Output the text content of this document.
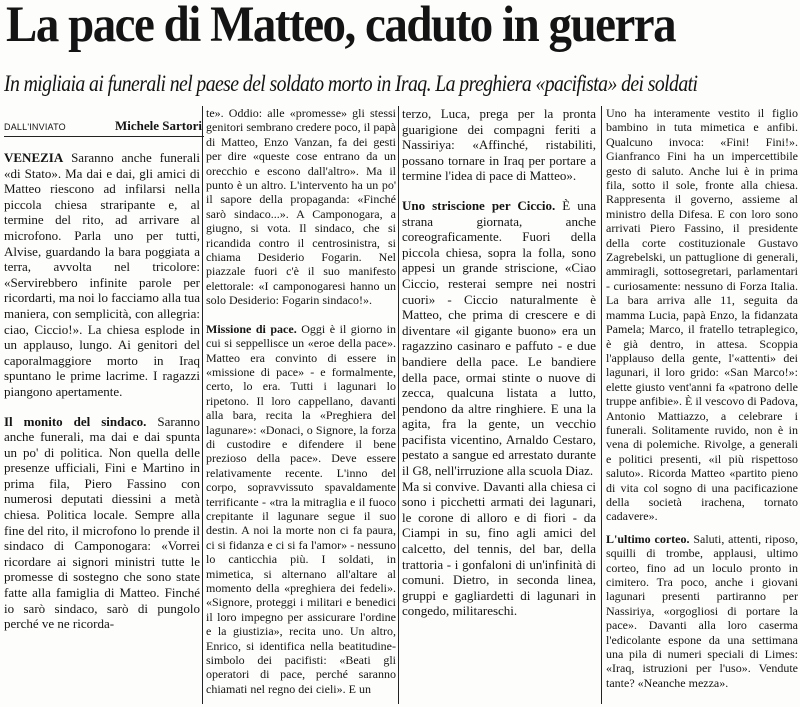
La pace di Matteo, caduto in guerra
In migliaia ai funerali nel paese del soldato morto in Iraq. La preghiera «pacifista» dei soldati
DALL'INVIATO	Michele Sartori

VENEZIA Saranno anche funerali «di Stato». Ma dai e dai, gli amici di Matteo riescono ad infilarsi nella piccola chiesa straripante e, al termine del rito, ad arrivare al microfono. Parla uno per tutti, Alvise, guardando la bara poggiata a terra, avvolta nel tricolore: «Servirebbero infinite parole per ricordarti, ma noi lo facciamo alla tua maniera, con semplicità, con allegria: ciao, Ciccio!». La chiesa esplode in un applauso, lungo. Ai genitori del caporalmaggiore morto in Iraq spuntano le prime lacrime. I ragazzi piangono apertamente.

Il monito del sindaco. Saranno anche funerali, ma dai e dai spunta un po' di politica. Non quella delle presenze ufficiali, Fini e Martino in prima fila, Piero Fassino con numerosi deputati diessini a metà chiesa. Politica locale. Sempre alla fine del rito, il microfono lo prende il sindaco di Camponogara: «Vorrei ricordare ai signori ministri tutte le promesse di sostegno che sono state fatte alla famiglia di Matteo. Finché io sarò sindaco, sarò di pungolo perché ve ne ricorda-

te». Oddio: alle «promesse» gli stessi genitori sembrano credere poco, il papà di Matteo, Enzo Vanzan, fa dei gesti per dire «queste cose entrano da un orecchio e escono dall'altro». Ma il punto è un altro. L'intervento ha un po' il sapore della propaganda: «Finché sarò sindaco...». A Camponogara, a giugno, si vota. Il sindaco, che si ricandida contro il centrosinistra, si chiama Desiderio Fogarin. Nel piazzale fuori c'è il suo manifesto elettorale: «I camponogaresi hanno un solo Desiderio: Fogarin sindaco!».

Missione di pace. Oggi è il giorno in cui si seppellisce un «eroe della pace». Matteo era convinto di essere in «missione di pace» - e formalmente, certo, lo era. Tutti i lagunari lo ripetono. Il loro cappellano, davanti alla bara, recita la «Preghiera del lagunare»: «Donaci, o Signore, la forza di custodire e difendere il bene prezioso della pace». Deve essere relativamente recente. L'inno del corpo, sopravvissuto spavaldamente terrificante - «tra la mitraglia e il fuoco crepitante il lagunare segue il suo destin. A noi la morte non ci fa paura, ci si fidanza e ci si fa l'amor» - nessuno lo canticchia più. I soldati, in mimetica, si alternano all'altare al momento della «preghiera dei fedeli». «Signore, proteggi i militari e benedici il loro impegno per assicurare l'ordine e la giustizia», recita uno. Un altro, Enrico, si identifica nella beatitudine-simbolo dei pacifisti: «Beati gli operatori di pace, perché saranno chiamati nel regno dei cieli». E un

terzo, Luca, prega per la pronta guarigione dei compagni feriti a Nassiriya: «Affinché, ristabiliti, possano tornare in Iraq per portare a termine l'idea di pace di Matteo».

Uno striscione per Ciccio. È una strana giornata, anche coreograficamente. Fuori della piccola chiesa, sopra la folla, sono appesi un grande striscione, «Ciao Ciccio, resterai sempre nei nostri cuori» - Ciccio naturalmente è Matteo, che prima di crescere e di diventare «il gigante buono» era un ragazzino casinaro e paffuto - e due bandiere della pace. Le bandiere della pace, ormai stinte o nuove di zecca, qualcuna listata a lutto, pendono da altre ringhiere. E una la agita, fra la gente, un vecchio pacifista vicentino, Arnaldo Cestaro, pestato a sangue ed arrestato durante il G8, nell'irruzione alla scuola Diaz.

Ma si convive. Davanti alla chiesa ci sono i picchetti armati dei lagunari, le corone di alloro e di fiori - da Ciampi in su, fino agli amici del calcetto, del tennis, del bar, della trattoria - i gonfaloni di un'infinità di comuni. Dietro, in seconda linea, gruppi e gagliardetti di lagunari in congedo, militareschi.

Uno ha interamente vestito il figlio bambino in tuta mimetica e anfibi. Qualcuno invoca: «Fini! Fini!». Gianfranco Fini ha un impercettibile gesto di saluto. Anche lui è in prima fila, sotto il sole, fronte alla chiesa. Rappresenta il governo, assieme al ministro della Difesa. E con loro sono arrivati Piero Fassino, il presidente della corte costituzionale Gustavo Zagrebelski, un pattuglione di generali, ammiragli, sottosegretari, parlamentari - curiosamente: nessuno di Forza Italia. La bara arriva alle 11, seguita da mamma Lucia, papà Enzo, la fidanzata Pamela; Marco, il fratello tetraplegico, è già dentro, in attesa. Scoppia l'applauso della gente, l'«attenti» dei lagunari, il loro grido: «San Marco!»: elette giusto vent'anni fa «patrono delle truppe anfibie». È il vescovo di Padova, Antonio Mattiazzo, a celebrare i funerali. Solitamente ruvido, non è in vena di polemiche. Rivolge, a generali e politici presenti, «il più rispettoso saluto». Ricorda Matteo «partito pieno di vita col sogno di una pacificazione della società irachena, tornato cadavere».

L'ultimo corteo. Saluti, attenti, riposo, squilli di trombe, applausi, ultimo corteo, fino ad un loculo pronto in cimitero. Tra poco, anche i giovani lagunari presenti partiranno per Nassiriya, «orgogliosi di portare la pace». Davanti alla loro caserma l'edicolante espone da una settimana una pila di numeri speciali di Limes: «Iraq, istruzioni per l'uso». Vendute tante? «Neanche mezza».
